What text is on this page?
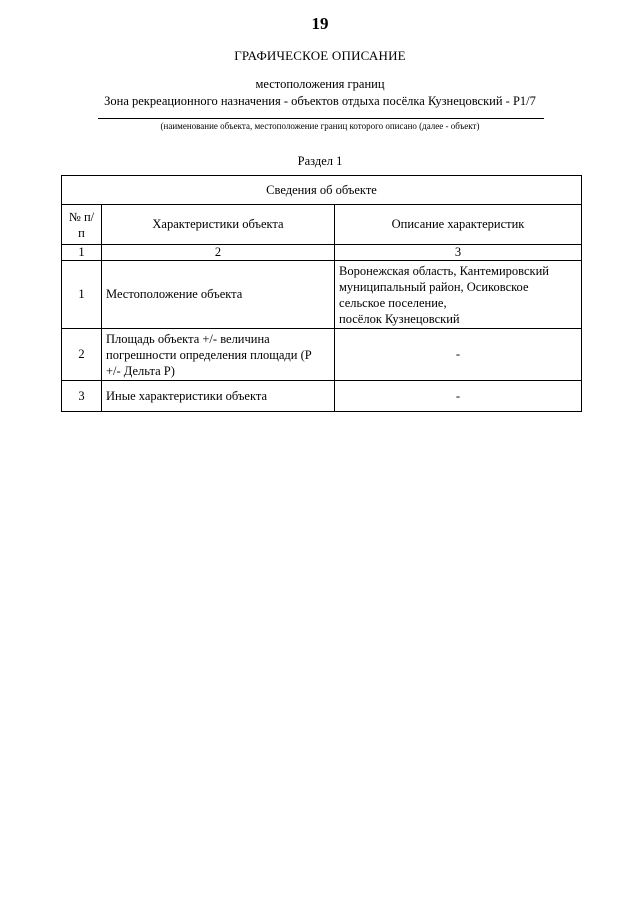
19
ГРАФИЧЕСКОЕ ОПИСАНИЕ
местоположения границ
Зона рекреационного назначения - объектов отдыха посёлка Кузнецовский - Р1/7
(наименование объекта, местоположение границ которого описано (далее - объект)
Раздел 1
Сведения об объекте		
№ п/п	Характеристики объекта	Описание характеристик
1	2	3
1	Местоположение объекта	Воронежская область, Кантемировский
муниципальный район, Осиковское
сельское поселение,
посёлок Кузнецовский

2	Площадь объекта +/- величина
погрешности определения площади (Р
+/- Дельта Р)	-
3	Иные характеристики объекта	-
